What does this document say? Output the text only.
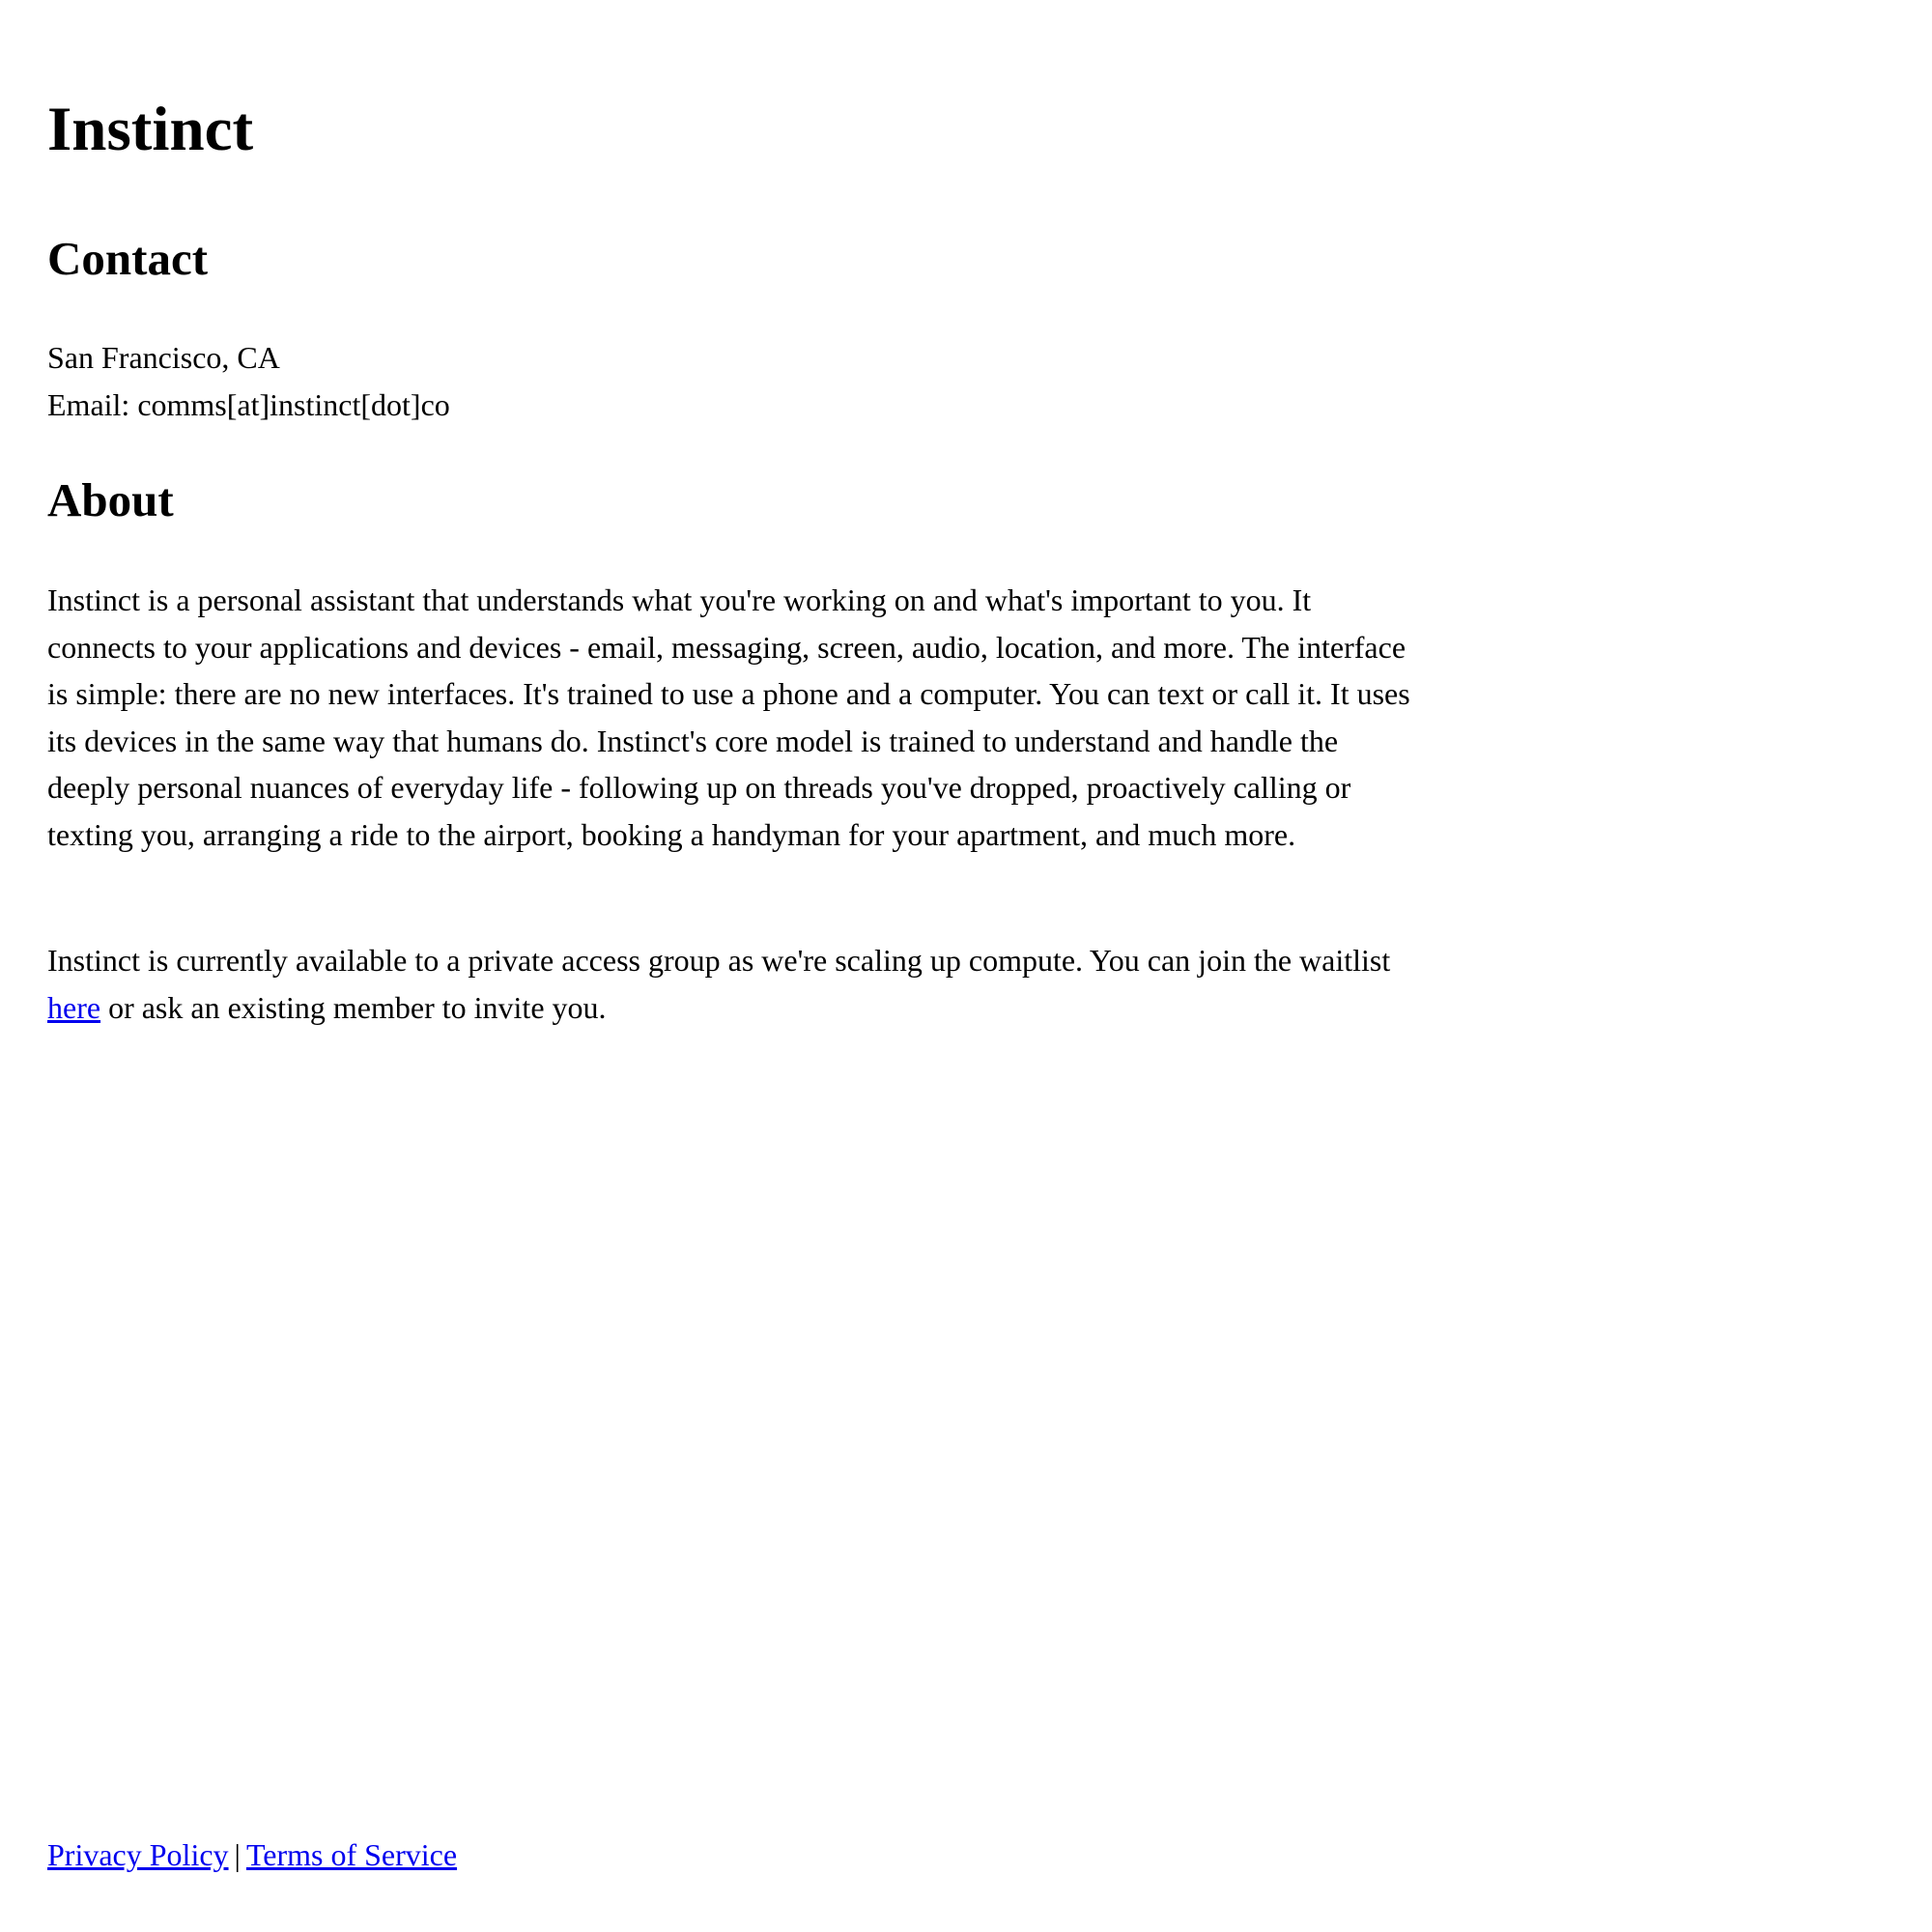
Instinct
Contact
San Francisco, CA
Email: comms[at]instinct[dot]co
About

Instinct is a personal assistant that understands what you're working on and what's important to you. It connects to your applications and devices - email, messaging, screen, audio, location, and more. The interface is simple: there are no new interfaces. It's trained to use a phone and a computer. You can text or call it. It uses its devices in the same way that humans do. Instinct's core model is trained to understand and handle the deeply personal nuances of everyday life - following up on threads you've dropped, proactively calling or texting you, arranging a ride to the airport, booking a handyman for your apartment, and much more.

Instinct is currently available to a private access group as we're scaling up compute. You can join the waitlist here or ask an existing member to invite you.

Privacy Policy | Terms of Service
